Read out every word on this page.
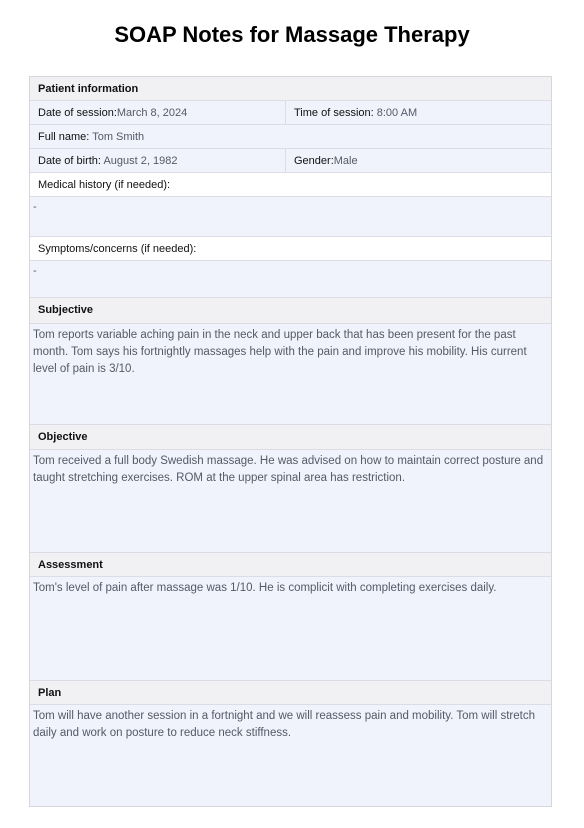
SOAP Notes for Massage Therapy
Patient information
Date of session:March 8, 2024	Time of session: 8:00 AM
Full name: Tom Smith
Date of birth: August 2, 1982	Gender:Male
Medical history (if needed):
-
Symptoms/concerns (if needed):
-
Subjective
Tom reports variable aching pain in the neck and upper back that has been present for the past month. Tom says his fortnightly massages help with the pain and improve his mobility. His current level of pain is 3/10.
Objective
Tom received a full body Swedish massage. He was advised on how to maintain correct posture and taught stretching exercises. ROM at the upper spinal area has restriction.
Assessment
Tom's level of pain after massage was 1/10. He is complicit with completing exercises daily.
Plan
Tom will have another session in a fortnight and we will reassess pain and mobility. Tom will stretch daily and work on posture to reduce neck stiffness.
